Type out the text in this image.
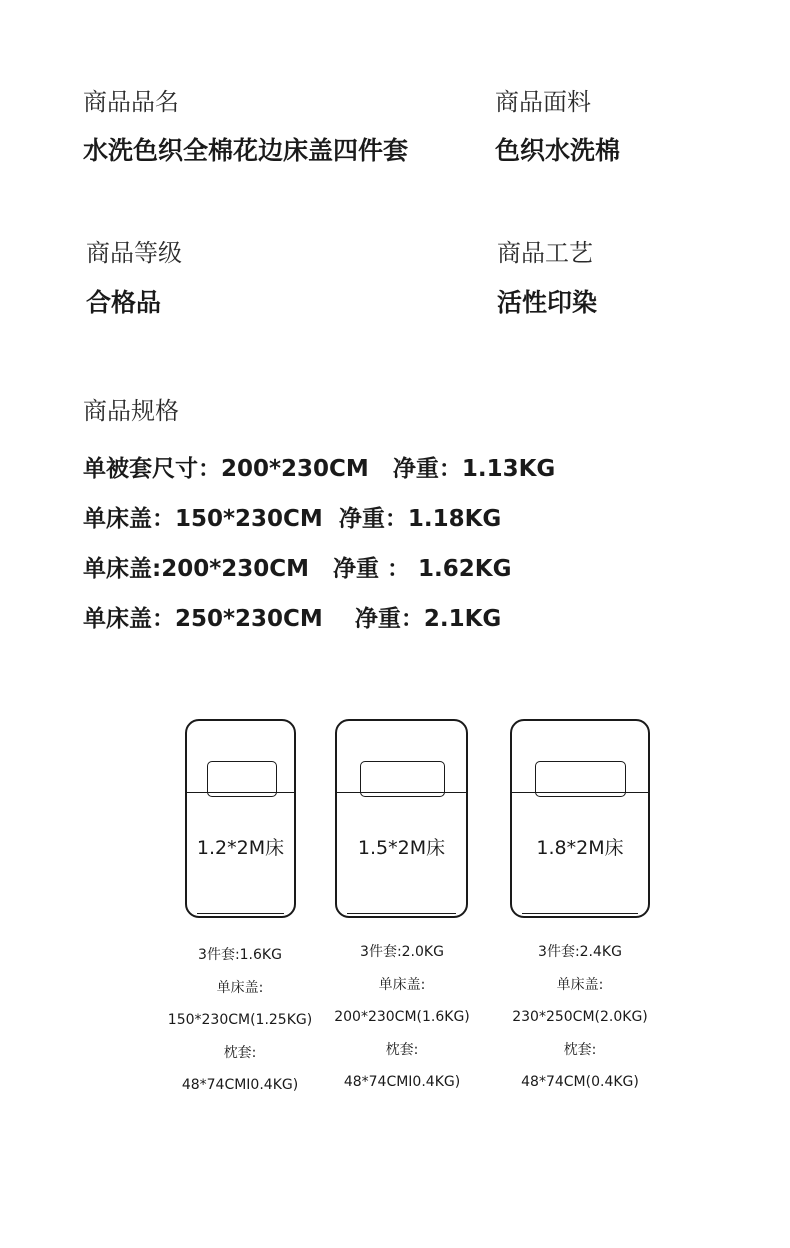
商品品名
水洗色织全棉花边床盖四件套
商品面料
色织水洗棉
商品等级
合格品
商品工艺
活性印染
商品规格
单被套尺寸：200*230CM   净重：1.13KG
单床盖：150*230CM  净重：1.18KG
单床盖:200*230CM   净重 ： 1.62KG
单床盖：250*230CM    净重：2.1KG
1.2*2M床	1.5*2M床	1.8*2M床
3件套:1.6KG
单床盖:
150*230CM(1.25KG)
枕套:
48*74CMI0.4KG)
3件套:2.0KG
单床盖:
200*230CM(1.6KG)
枕套:
48*74CMI0.4KG)
3件套:2.4KG
单床盖:
230*250CM(2.0KG)
枕套:
48*74CM(0.4KG)
